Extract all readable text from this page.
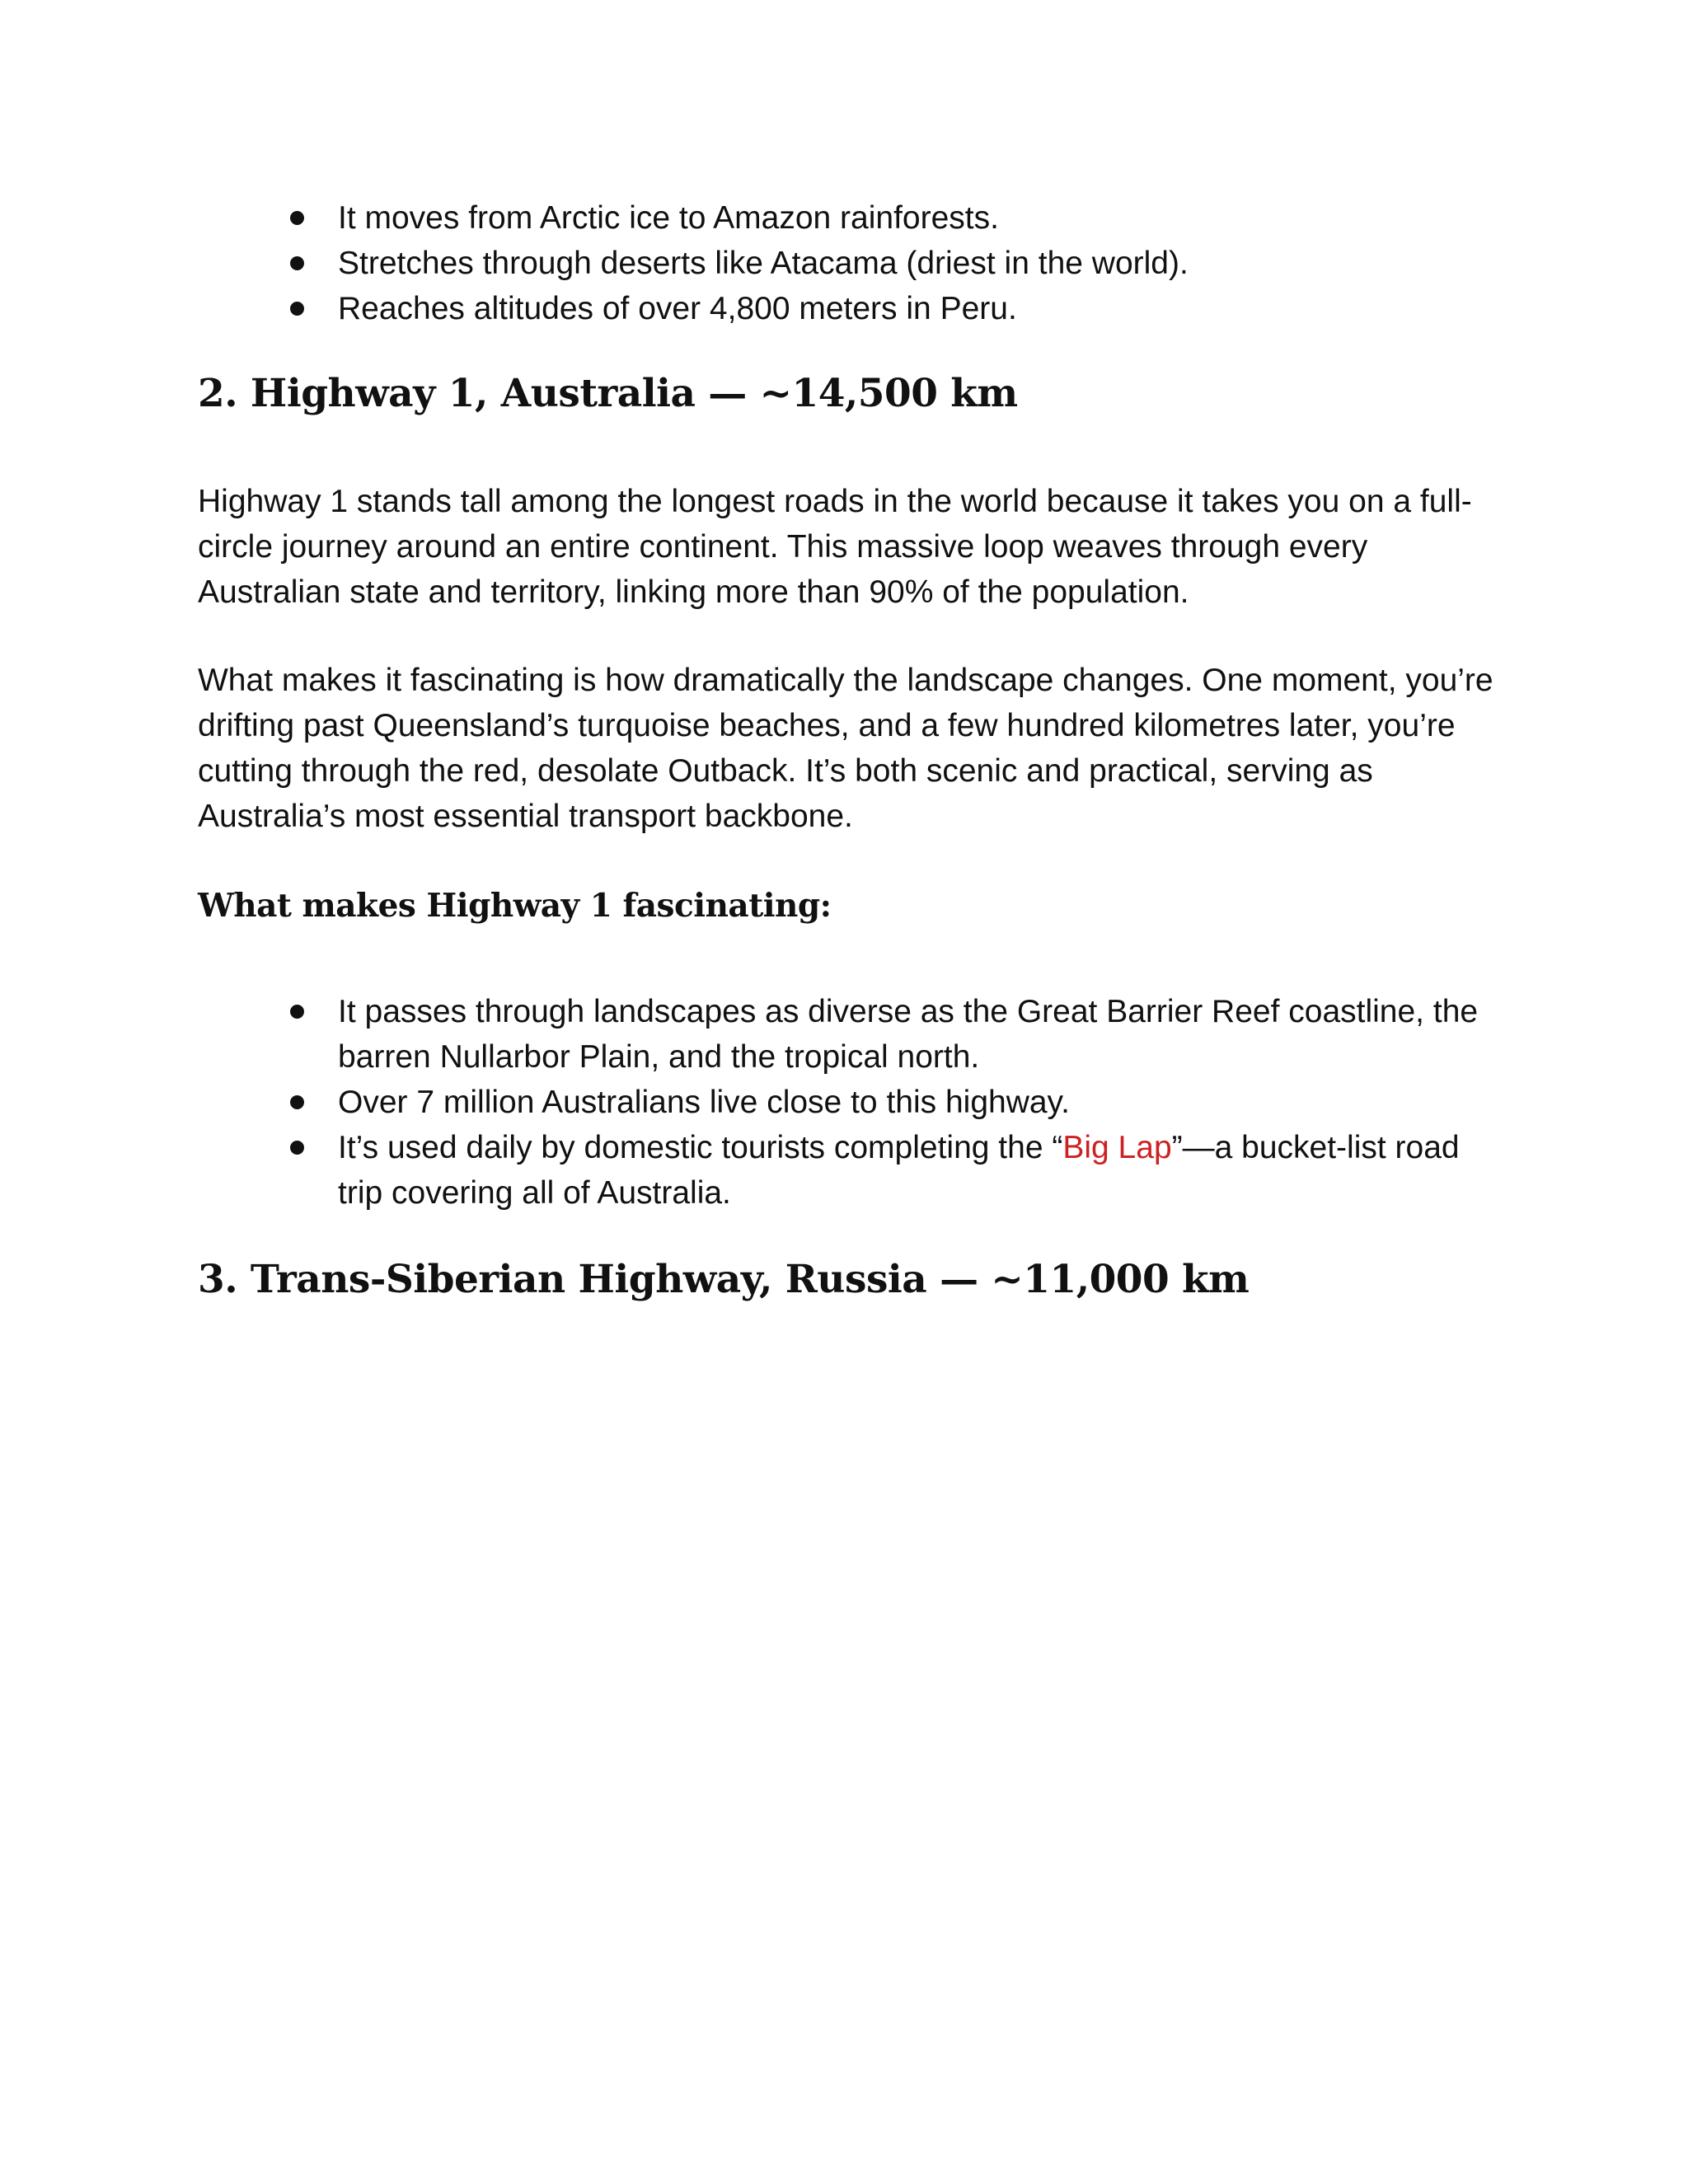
It moves from Arctic ice to Amazon rainforests.
Stretches through deserts like Atacama (driest in the world).
Reaches altitudes of over 4,800 meters in Peru.
2. Highway 1, Australia — ~14,500 km

Highway 1 stands tall among the longest roads in the world because it takes you on a full-circle journey around an entire continent. This massive loop weaves through every Australian state and territory, linking more than 90% of the population.

What makes it fascinating is how dramatically the landscape changes. One moment, you’re drifting past Queensland’s turquoise beaches, and a few hundred kilometres later, you’re cutting through the red, desolate Outback. It’s both scenic and practical, serving as Australia’s most essential transport backbone.

What makes Highway 1 fascinating:
It passes through landscapes as diverse as the Great Barrier Reef coastline, the barren Nullarbor Plain, and the tropical north.
Over 7 million Australians live close to this highway.
It’s used daily by domestic tourists completing the “Big Lap”—a bucket-list road trip covering all of Australia.
3. Trans-Siberian Highway, Russia — ~11,000 km
